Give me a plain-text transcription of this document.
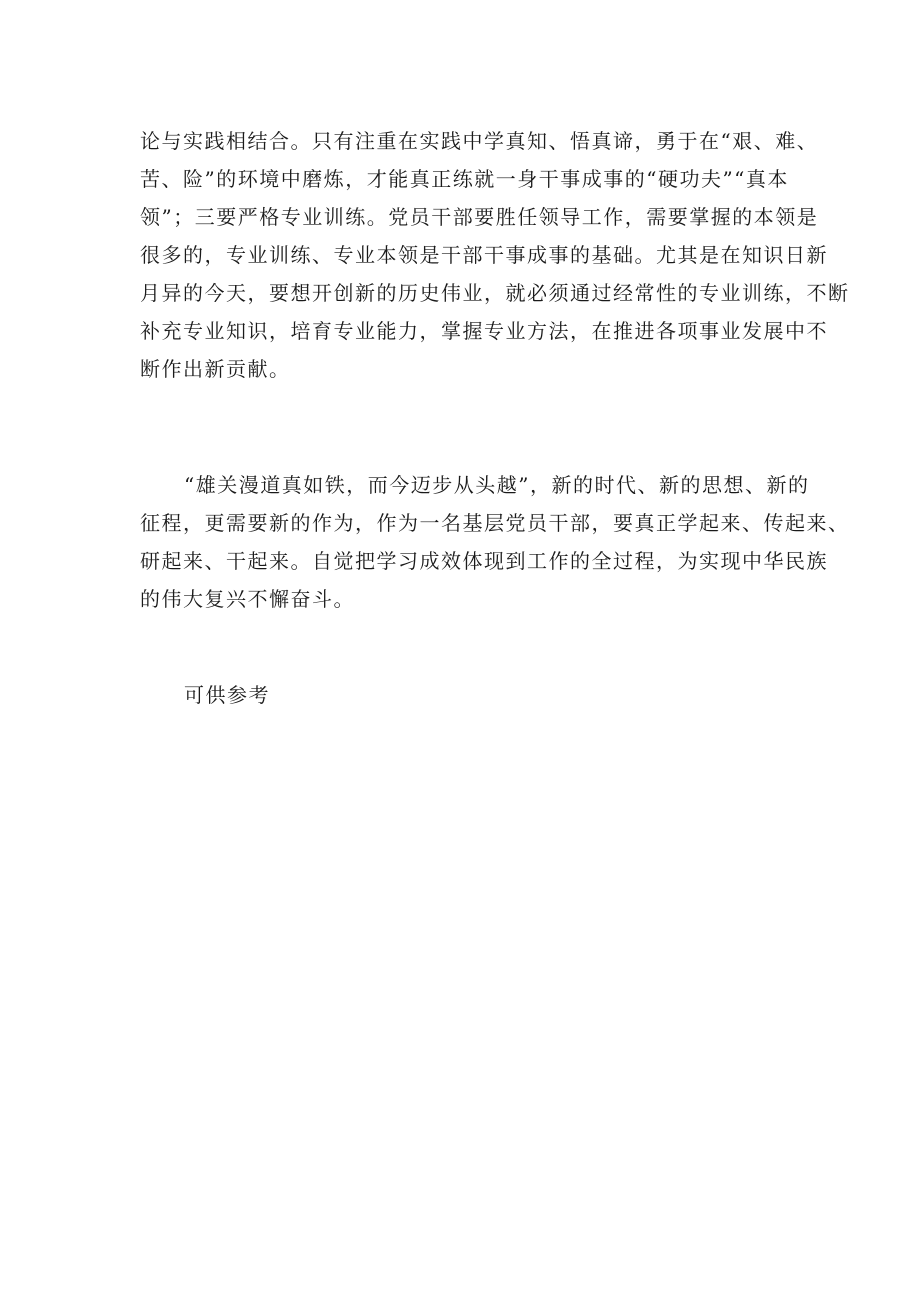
论与实践相结合。只有注重在实践中学真知、悟真谛，勇于在“艰、难、
苦、险”的环境中磨炼，才能真正练就一身干事成事的“硬功夫”“真本
领”；三要严格专业训练。党员干部要胜任领导工作，需要掌握的本领是
很多的，专业训练、专业本领是干部干事成事的基础。尤其是在知识日新
月异的今天，要想开创新的历史伟业，就必须通过经常性的专业训练，不断
补充专业知识，培育专业能力，掌握专业方法，在推进各项事业发展中不
断作出新贡献。
“雄关漫道真如铁，而今迈步从头越”，新的时代、新的思想、新的
征程，更需要新的作为，作为一名基层党员干部，要真正学起来、传起来、
研起来、干起来。自觉把学习成效体现到工作的全过程，为实现中华民族
的伟大复兴不懈奋斗。
可供参考
